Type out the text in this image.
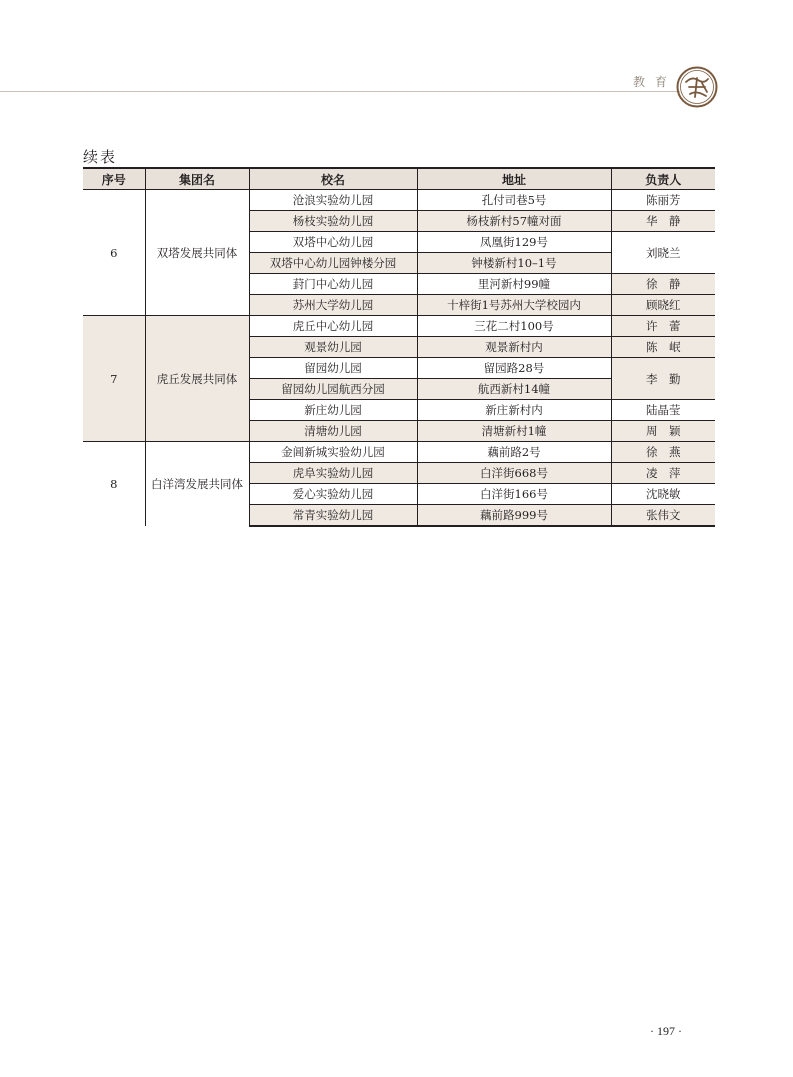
教育
续表
序号	集团名	校名	地址	负责人
6	双塔发展共同体	沧浪实验幼儿园	孔付司巷5号	陈丽芳
		杨枝实验幼儿园	杨枝新村57幢对面	华　静
		双塔中心幼儿园	凤凰街129号	刘晓兰
		双塔中心幼儿园钟楼分园	钟楼新村10–1号	
		葑门中心幼儿园	里河新村99幢	徐　静
		苏州大学幼儿园	十梓街1号苏州大学校园内	顾晓红
7	虎丘发展共同体	虎丘中心幼儿园	三花二村100号	许　蕾
		观景幼儿园	观景新村内	陈　岷
		留园幼儿园	留园路28号	李　勤
		留园幼儿园航西分园	航西新村14幢	
		新庄幼儿园	新庄新村内	陆晶莹
		清塘幼儿园	清塘新村1幢	周　颖
8	白洋湾发展共同体	金阊新城实验幼儿园	藕前路2号	徐　燕
		虎阜实验幼儿园	白洋街668号	凌　萍
		爱心实验幼儿园	白洋街166号	沈晓敏
		常青实验幼儿园	藕前路999号	张伟文
· 197 ·
